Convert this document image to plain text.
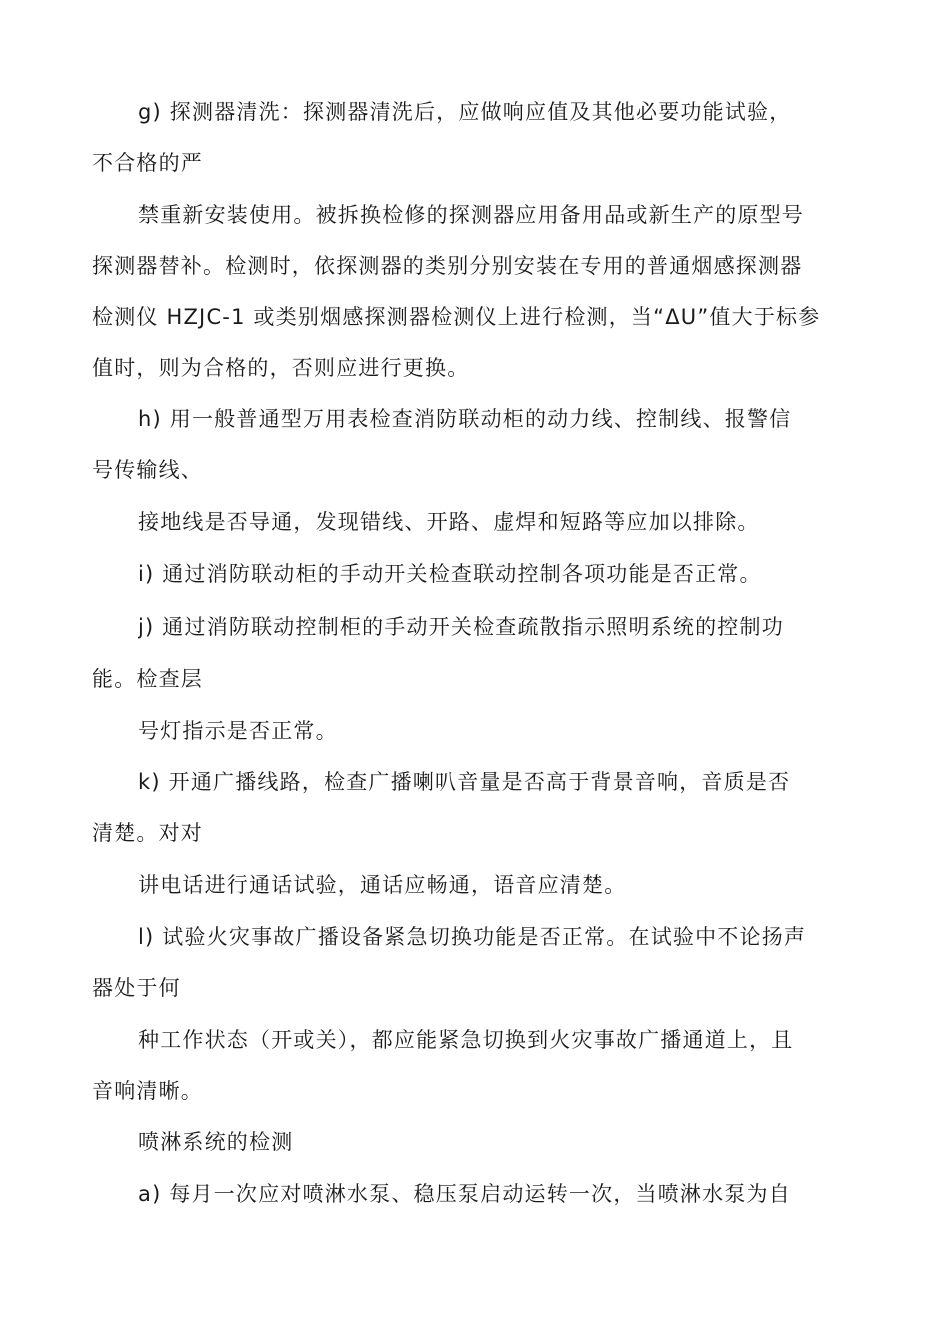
g) 探测器清洗：探测器清洗后，应做响应值及其他必要功能试验，
不合格的严
禁重新安装使用。被拆换检修的探测器应用备用品或新生产的原型号
探测器替补。检测时，依探测器的类别分别安装在专用的普通烟感探测器
检测仪 HZJC-1 或类别烟感探测器检测仪上进行检测，当“ΔU”值大于标参
值时，则为合格的，否则应进行更换。
h) 用一般普通型万用表检查消防联动柜的动力线、控制线、报警信
号传输线、
接地线是否导通，发现错线、开路、虚焊和短路等应加以排除。
i) 通过消防联动柜的手动开关检查联动控制各项功能是否正常。
j) 通过消防联动控制柜的手动开关检查疏散指示照明系统的控制功
能。检查层
号灯指示是否正常。
k) 开通广播线路，检查广播喇叭音量是否高于背景音响，音质是否
清楚。对对
讲电话进行通话试验，通话应畅通，语音应清楚。
l) 试验火灾事故广播设备紧急切换功能是否正常。在试验中不论扬声
器处于何
种工作状态（开或关），都应能紧急切换到火灾事故广播通道上，且
音响清晰。
喷淋系统的检测
a) 每月一次应对喷淋水泵、稳压泵启动运转一次，当喷淋水泵为自
